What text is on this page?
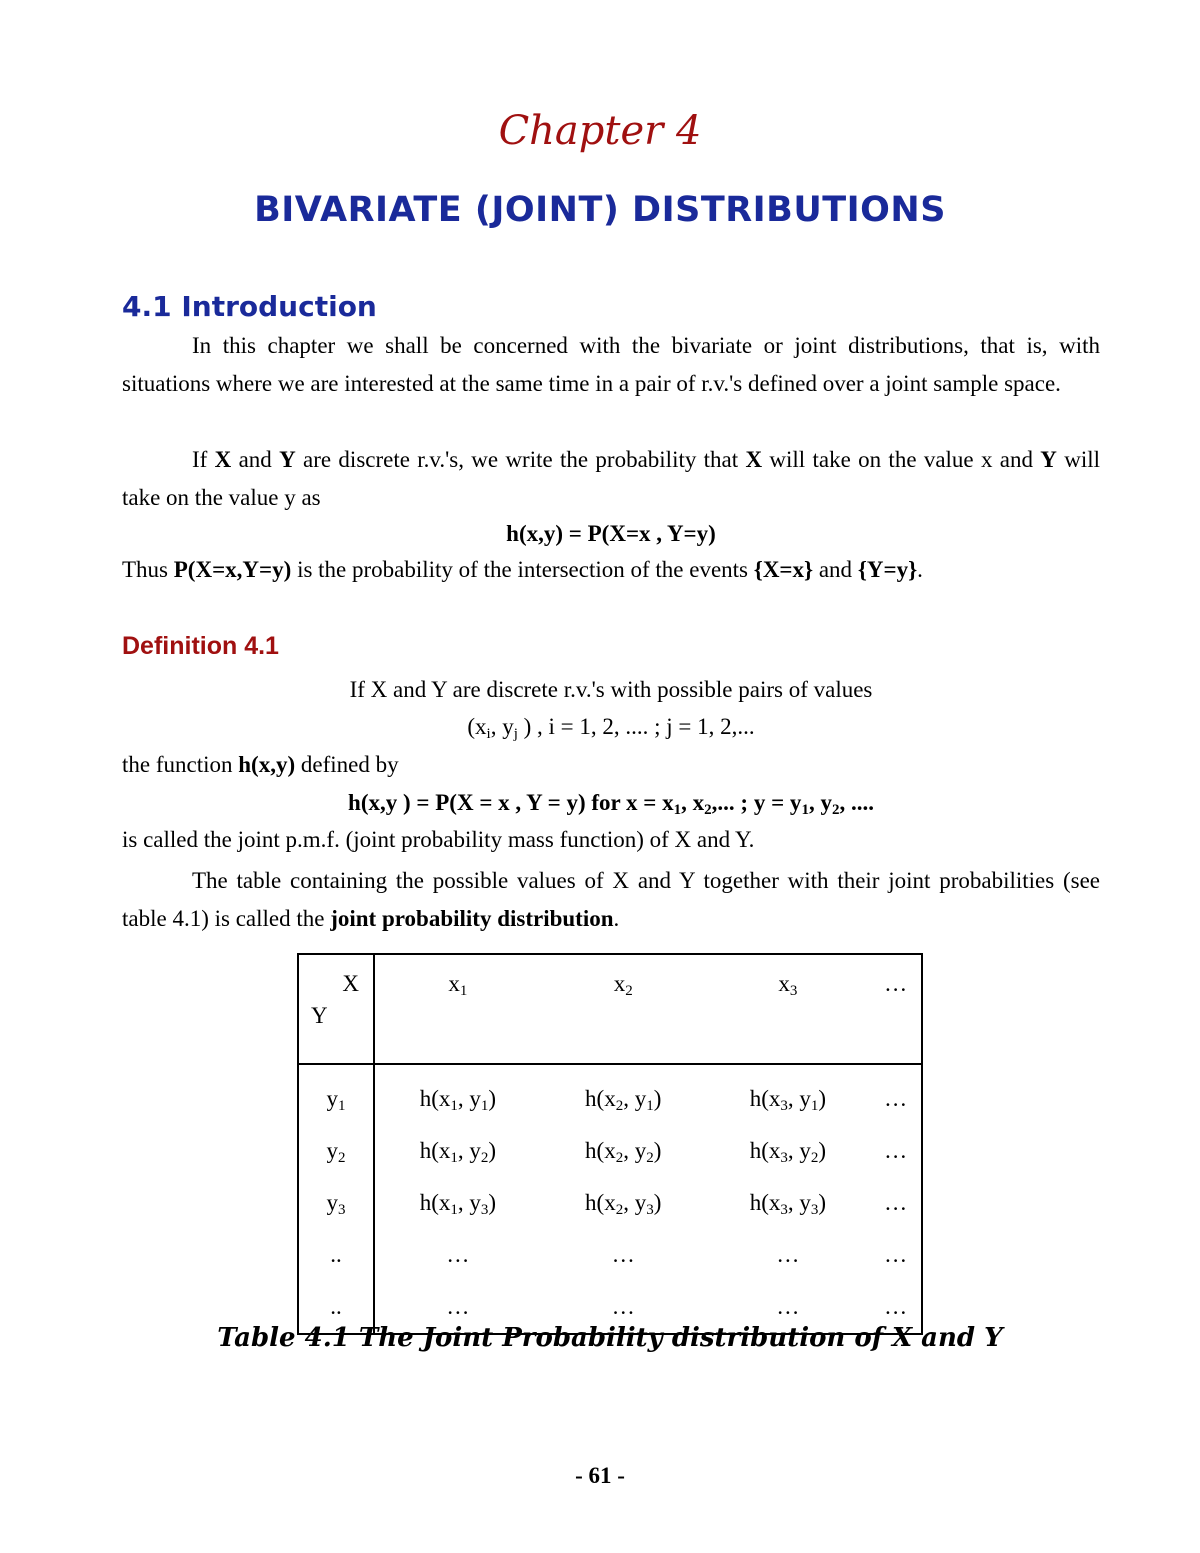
Chapter 4
BIVARIATE (JOINT) DISTRIBUTIONS
4.1 Introduction
In this chapter we shall be concerned with the bivariate or joint distributions, that is, with situations where we are interested at the same time in a pair of r.v.'s defined over a joint sample space.
If X and Y are discrete r.v.'s, we write the probability that X will take on the value x and Y will take on the value y as
h(x,y) = P(X=x , Y=y)
Thus P(X=x,Y=y) is the probability of the intersection of the events {X=x} and {Y=y}.
Definition 4.1
If X and Y are discrete r.v.'s with possible pairs of values
($x_i$, $y_j$ ) , i = 1, 2, .... ; j = 1, 2,...
the function h(x,y) defined by
h(x,y ) = P(X = x , Y = y) for $x = x_1$, $x_2$,... ; $y = y_1$, $y_2$, ....
is called the joint p.m.f. (joint probability mass function) of X and Y.
The table containing the possible values of X and Y together with their joint probabilities (see table 4.1) is called the joint probability distribution.
X
Y	$x_1$	$x_2$	$x_3$	…
$y_1$	$h(x_1$, $y_1$)	$h(x_2$, $y_1$)	$h(x_3$, $y_1$)	…
$y_2$	$h(x_1$, $y_2$)	$h(x_2$, $y_2$)	$h(x_3$, $y_2$)	…
$y_3$	$h(x_1$, $y_3$)	$h(x_2$, $y_3$)	$h(x_3$, $y_3$)	…
..	…	…	…	…
..	…	…	…	…
Table 4.1 The Joint Probability distribution of X and Y
- 61 -
